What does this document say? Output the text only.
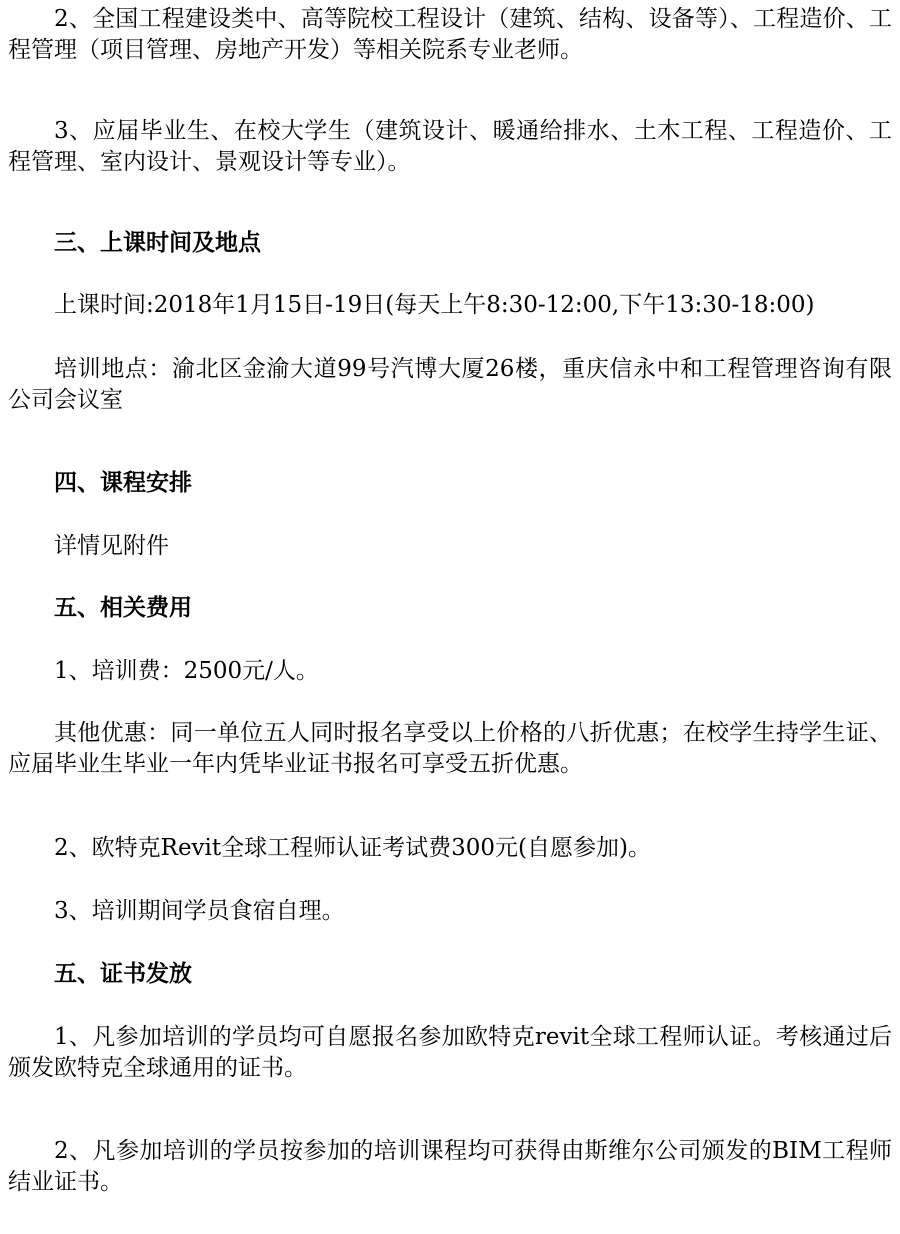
2、全国工程建设类中、高等院校工程设计（建筑、结构、设备等）、工程造价、工程管理（项目管理、房地产开发）等相关院系专业老师。

3、应届毕业生、在校大学生（建筑设计、暖通给排水、土木工程、工程造价、工程管理、室内设计、景观设计等专业）。

三、上课时间及地点

上课时间:2018年1月15日-19日(每天上午8:30-12:00,下午13:30-18:00)

培训地点：渝北区金渝大道99号汽博大厦26楼，重庆信永中和工程管理咨询有限公司会议室

四、课程安排

详情见附件

五、相关费用

1、培训费：2500元/人。

其他优惠：同一单位五人同时报名享受以上价格的八折优惠；在校学生持学生证、应届毕业生毕业一年内凭毕业证书报名可享受五折优惠。

2、欧特克Revit全球工程师认证考试费300元(自愿参加)。

3、培训期间学员食宿自理。

五、证书发放

1、凡参加培训的学员均可自愿报名参加欧特克revit全球工程师认证。考核通过后颁发欧特克全球通用的证书。

2、凡参加培训的学员按参加的培训课程均可获得由斯维尔公司颁发的BIM工程师结业证书。
